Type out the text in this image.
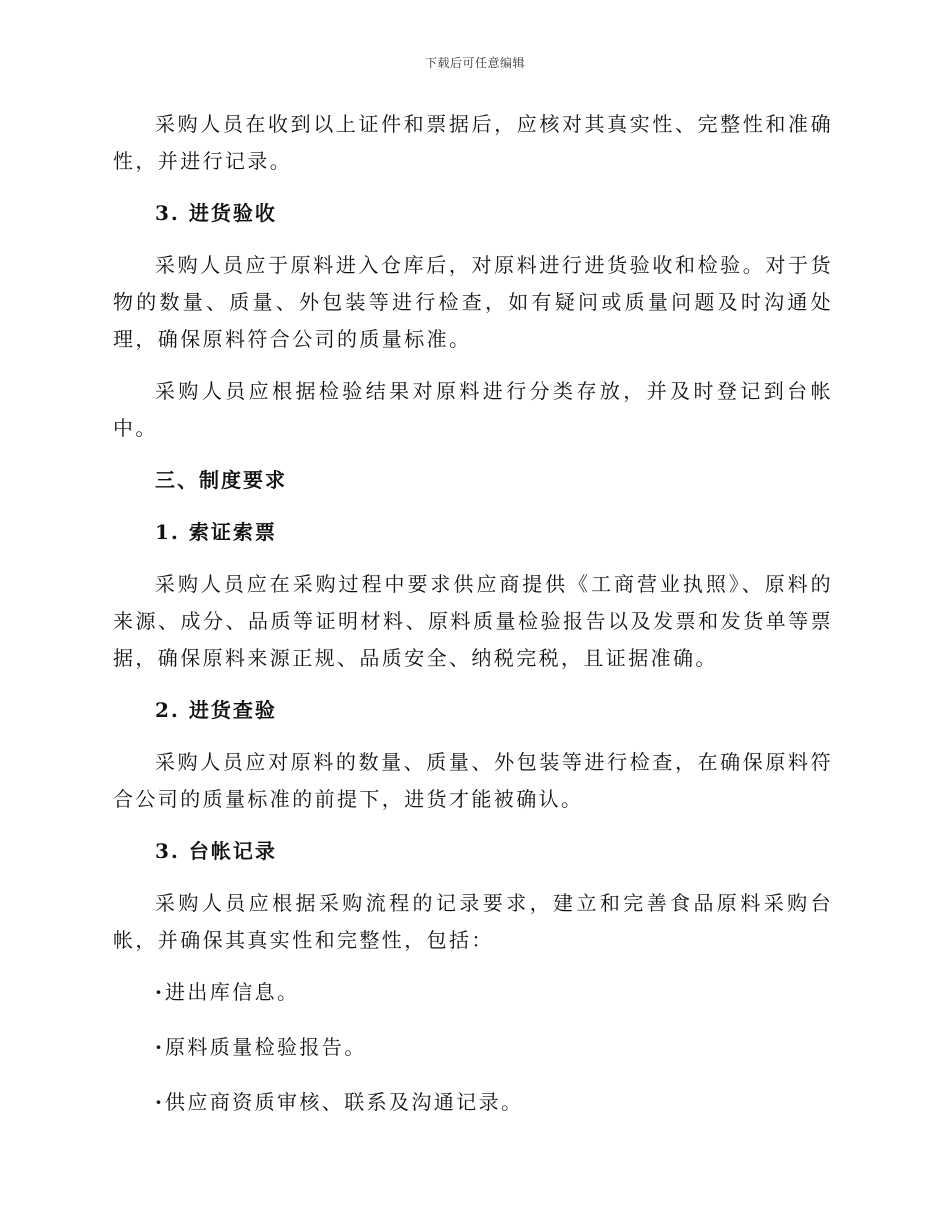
下载后可任意编辑

采购人员在收到以上证件和票据后，应核对其真实性、完整性和准确性，并进行记录。

3. 进货验收

采购人员应于原料进入仓库后，对原料进行进货验收和检验。对于货物的数量、质量、外包装等进行检查，如有疑问或质量问题及时沟通处理，确保原料符合公司的质量标准。

采购人员应根据检验结果对原料进行分类存放，并及时登记到台帐中。

三、制度要求
1. 索证索票

采购人员应在采购过程中要求供应商提供《工商营业执照》、原料的来源、成分、品质等证明材料、原料质量检验报告以及发票和发货单等票据，确保原料来源正规、品质安全、纳税完税，且证据准确。

2. 进货查验

采购人员应对原料的数量、质量、外包装等进行检查，在确保原料符合公司的质量标准的前提下，进货才能被确认。

3. 台帐记录

采购人员应根据采购流程的记录要求，建立和完善食品原料采购台帐，并确保其真实性和完整性，包括：

·进出库信息。
·原料质量检验报告。
·供应商资质审核、联系及沟通记录。
